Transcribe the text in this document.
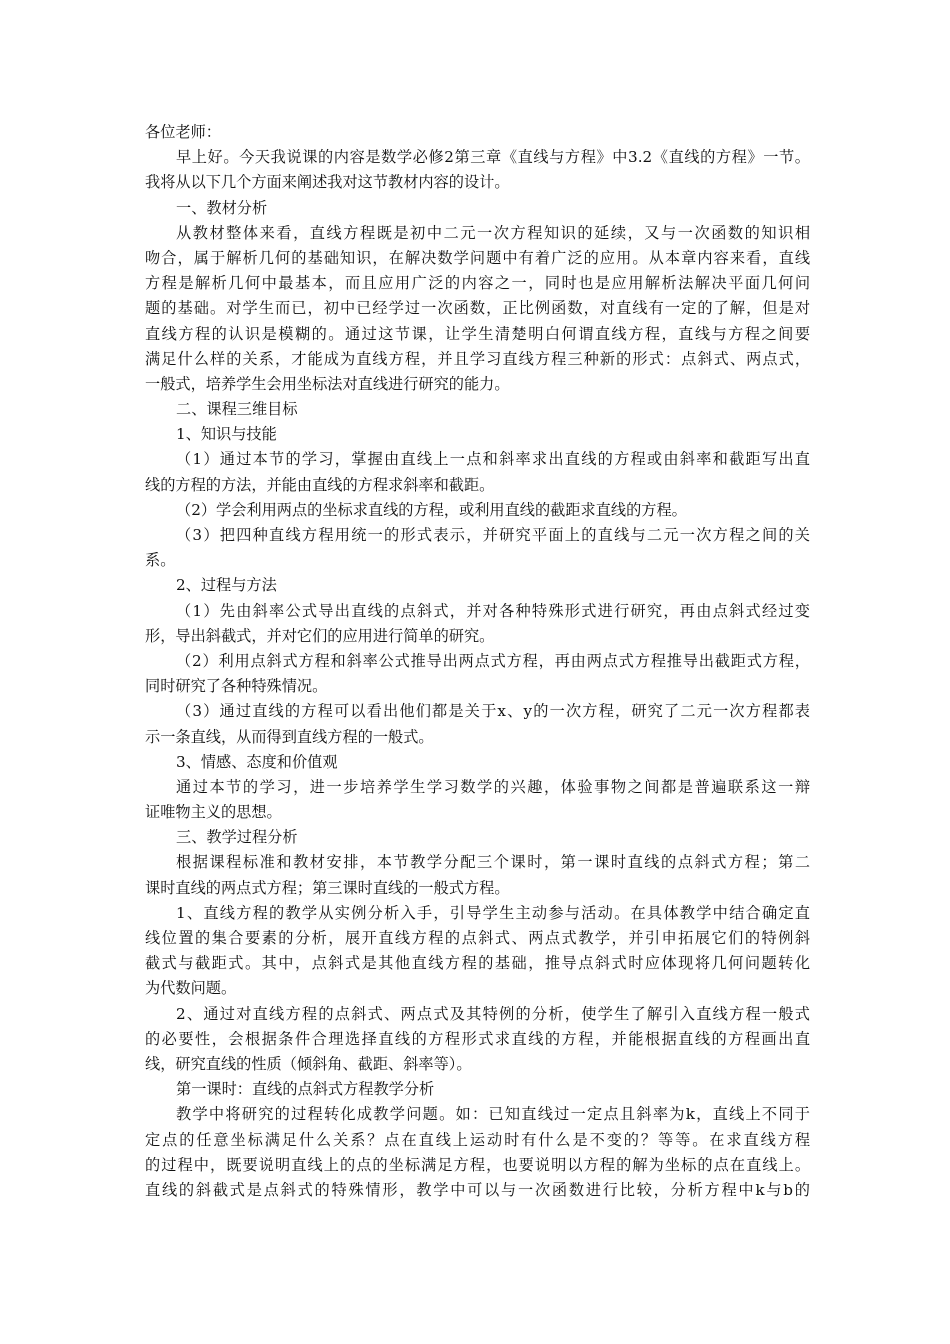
各位老师：
早上好。今天我说课的内容是数学必修2第三章《直线与方程》中3.2《直线的方程》一节。
我将从以下几个方面来阐述我对这节教材内容的设计。
一、教材分析
从教材整体来看，直线方程既是初中二元一次方程知识的延续，又与一次函数的知识相
吻合，属于解析几何的基础知识，在解决数学问题中有着广泛的应用。从本章内容来看，直线
方程是解析几何中最基本，而且应用广泛的内容之一，同时也是应用解析法解决平面几何问
题的基础。对学生而已，初中已经学过一次函数，正比例函数，对直线有一定的了解，但是对
直线方程的认识是模糊的。通过这节课，让学生清楚明白何谓直线方程，直线与方程之间要
满足什么样的关系，才能成为直线方程，并且学习直线方程三种新的形式：点斜式、两点式，
一般式，培养学生会用坐标法对直线进行研究的能力。
二、课程三维目标
1、知识与技能
（1）通过本节的学习，掌握由直线上一点和斜率求出直线的方程或由斜率和截距写出直
线的方程的方法，并能由直线的方程求斜率和截距。
（2）学会利用两点的坐标求直线的方程，或利用直线的截距求直线的方程。
（3）把四种直线方程用统一的形式表示，并研究平面上的直线与二元一次方程之间的关
系。
2、过程与方法
（1）先由斜率公式导出直线的点斜式，并对各种特殊形式进行研究，再由点斜式经过变
形，导出斜截式，并对它们的应用进行简单的研究。
（2）利用点斜式方程和斜率公式推导出两点式方程，再由两点式方程推导出截距式方程，
同时研究了各种特殊情况。
（3）通过直线的方程可以看出他们都是关于x、y的一次方程，研究了二元一次方程都表
示一条直线，从而得到直线方程的一般式。
3、情感、态度和价值观
通过本节的学习，进一步培养学生学习数学的兴趣，体验事物之间都是普遍联系这一辩
证唯物主义的思想。
三、教学过程分析
根据课程标准和教材安排，本节教学分配三个课时，第一课时直线的点斜式方程；第二
课时直线的两点式方程；第三课时直线的一般式方程。
1、直线方程的教学从实例分析入手，引导学生主动参与活动。在具体教学中结合确定直
线位置的集合要素的分析，展开直线方程的点斜式、两点式教学，并引申拓展它们的特例斜
截式与截距式。其中，点斜式是其他直线方程的基础，推导点斜式时应体现将几何问题转化
为代数问题。
2、通过对直线方程的点斜式、两点式及其特例的分析，使学生了解引入直线方程一般式
的必要性，会根据条件合理选择直线的方程形式求直线的方程，并能根据直线的方程画出直
线，研究直线的性质（倾斜角、截距、斜率等）。
第一课时：直线的点斜式方程教学分析
教学中将研究的过程转化成教学问题。如：已知直线过一定点且斜率为k，直线上不同于
定点的任意坐标满足什么关系？点在直线上运动时有什么是不变的？等等。在求直线方程
的过程中，既要说明直线上的点的坐标满足方程，也要说明以方程的解为坐标的点在直线上。
直线的斜截式是点斜式的特殊情形，教学中可以与一次函数进行比较，分析方程中k与b的
